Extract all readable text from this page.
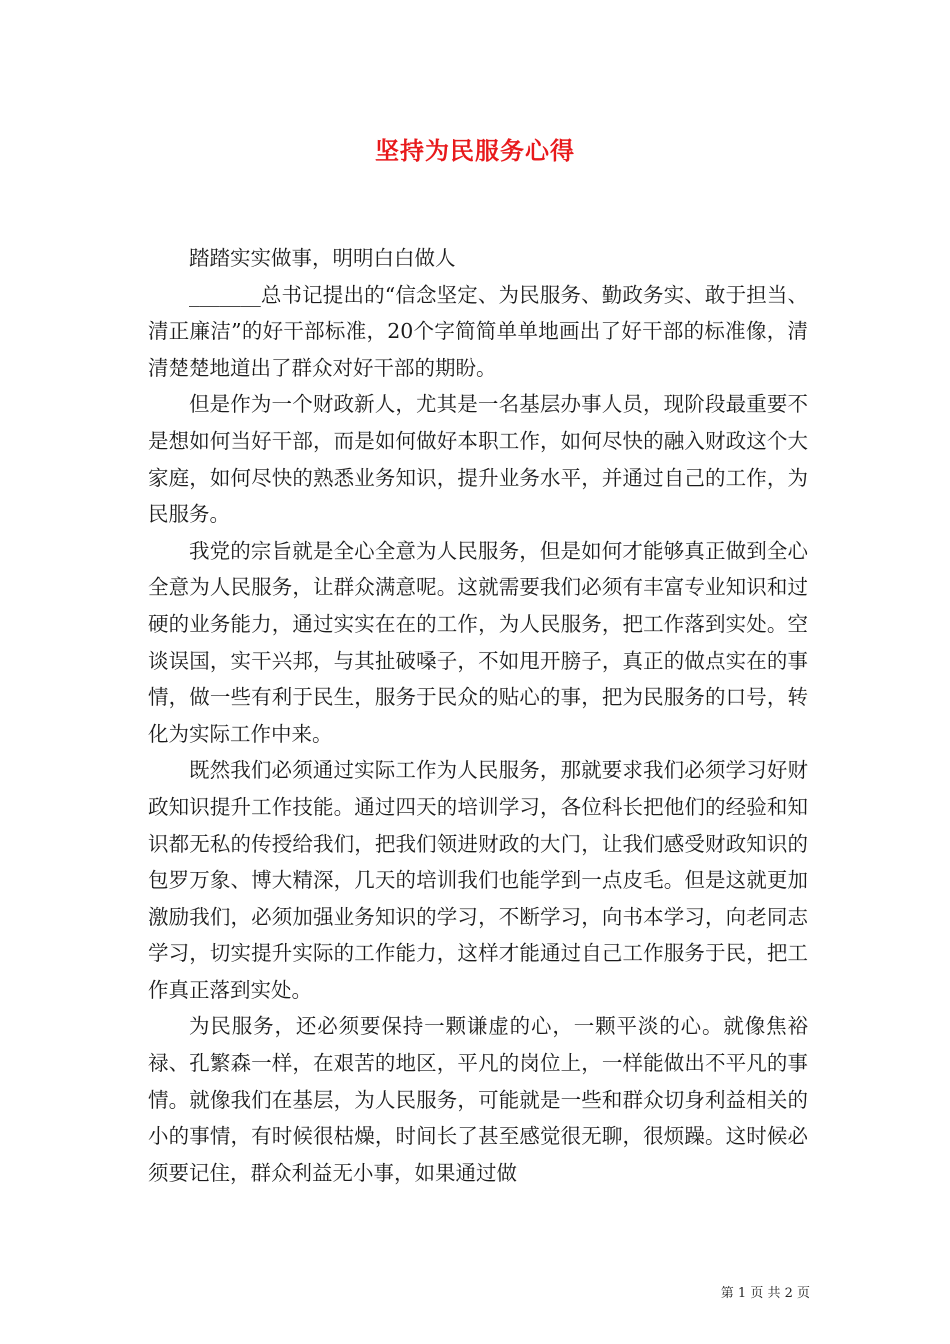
坚持为民服务心得

踏踏实实做事，明明白白做人

_______总书记提出的“信念坚定、为民服务、勤政务实、敢于担当、清正廉洁”的好干部标准，20个字简简单单地画出了好干部的标准像，清清楚楚地道出了群众对好干部的期盼。

但是作为一个财政新人，尤其是一名基层办事人员，现阶段最重要不是想如何当好干部，而是如何做好本职工作，如何尽快的融入财政这个大家庭，如何尽快的熟悉业务知识，提升业务水平，并通过自己的工作，为民服务。

我党的宗旨就是全心全意为人民服务，但是如何才能够真正做到全心全意为人民服务，让群众满意呢。这就需要我们必须有丰富专业知识和过硬的业务能力，通过实实在在的工作，为人民服务，把工作落到实处。空谈误国，实干兴邦，与其扯破嗓子，不如甩开膀子，真正的做点实在的事情，做一些有利于民生，服务于民众的贴心的事，把为民服务的口号，转化为实际工作中来。

既然我们必须通过实际工作为人民服务，那就要求我们必须学习好财政知识提升工作技能。通过四天的培训学习，各位科长把他们的经验和知识都无私的传授给我们，把我们领进财政的大门，让我们感受财政知识的包罗万象、博大精深，几天的培训我们也能学到一点皮毛。但是这就更加激励我们，必须加强业务知识的学习，不断学习，向书本学习，向老同志学习，切实提升实际的工作能力，这样才能通过自己工作服务于民，把工作真正落到实处。

为民服务，还必须要保持一颗谦虚的心，一颗平淡的心。就像焦裕禄、孔繁森一样，在艰苦的地区，平凡的岗位上，一样能做出不平凡的事情。就像我们在基层，为人民服务，可能就是一些和群众切身利益相关的小的事情，有时候很枯燥，时间长了甚至感觉很无聊，很烦躁。这时候必须要记住，群众利益无小事，如果通过做

第 1 页 共 2 页
